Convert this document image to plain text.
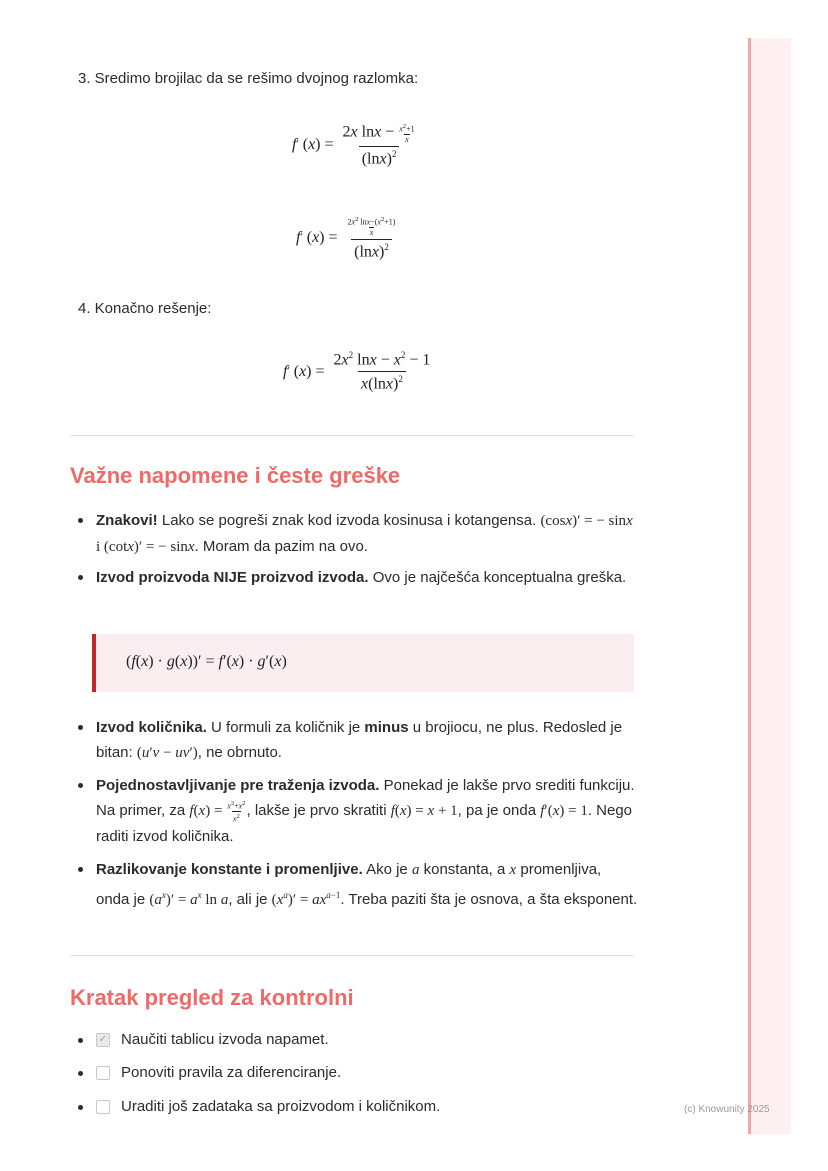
(c) Knowunity 2025
3. Sredimo brojilac da se rešimo dvojnog razlomka:
f ′ ( x ) = $\frac{2x \ln x - \frac{x^2+1}{x}}{(\ln x)^2}$
f ′ ( x ) = $\frac{\frac{2x^2 \ln x-(x^2+1)}{x}}{(\ln x)^2}$
4. Konačno rešenje:
f ′ ( x ) = $\frac{2x^2 \ln x - x^2 - 1}{x(\ln x)^2}$
Važne napomene i česte greške
Znakovi! Lako se pogreši znak kod izvoda kosinusa i kotangensa. (cosx)′ = − sinx i (cotx)′ = − sinx. Moram da pazim na ovo.
Izvod proizvoda NIJE proizvod izvoda. Ovo je najčešća konceptualna greška.
(f(x) · g(x))′ = f′(x) · g′(x)
Izvod količnika. U formuli za količnik je minus u brojiocu, ne plus. Redosled je bitan: (u′v − uv′), ne obrnuto.
Pojednostavljivanje pre traženja izvoda. Ponekad je lakše prvo srediti funkciju. Na primer, za $f(x) = \frac{x^3+x^2}{x^2}$ , lakše je prvo skratiti f(x) = x + 1, pa je onda f′(x) = 1. Nego raditi izvod količnika.
Razlikovanje konstante i promenljive. Ako je a konstanta, a x promenljiva, onda je $(a^x)' = a^x$ ln a, ali je $(x^a)' = ax^{a-1}$. Treba paziti šta je osnova, a šta eksponent.
Kratak pregled za kontrolni
✓ Naučiti tablicu izvoda napamet.
Ponoviti pravila za diferenciranje.
Uraditi još zadataka sa proizvodom i količnikom.
